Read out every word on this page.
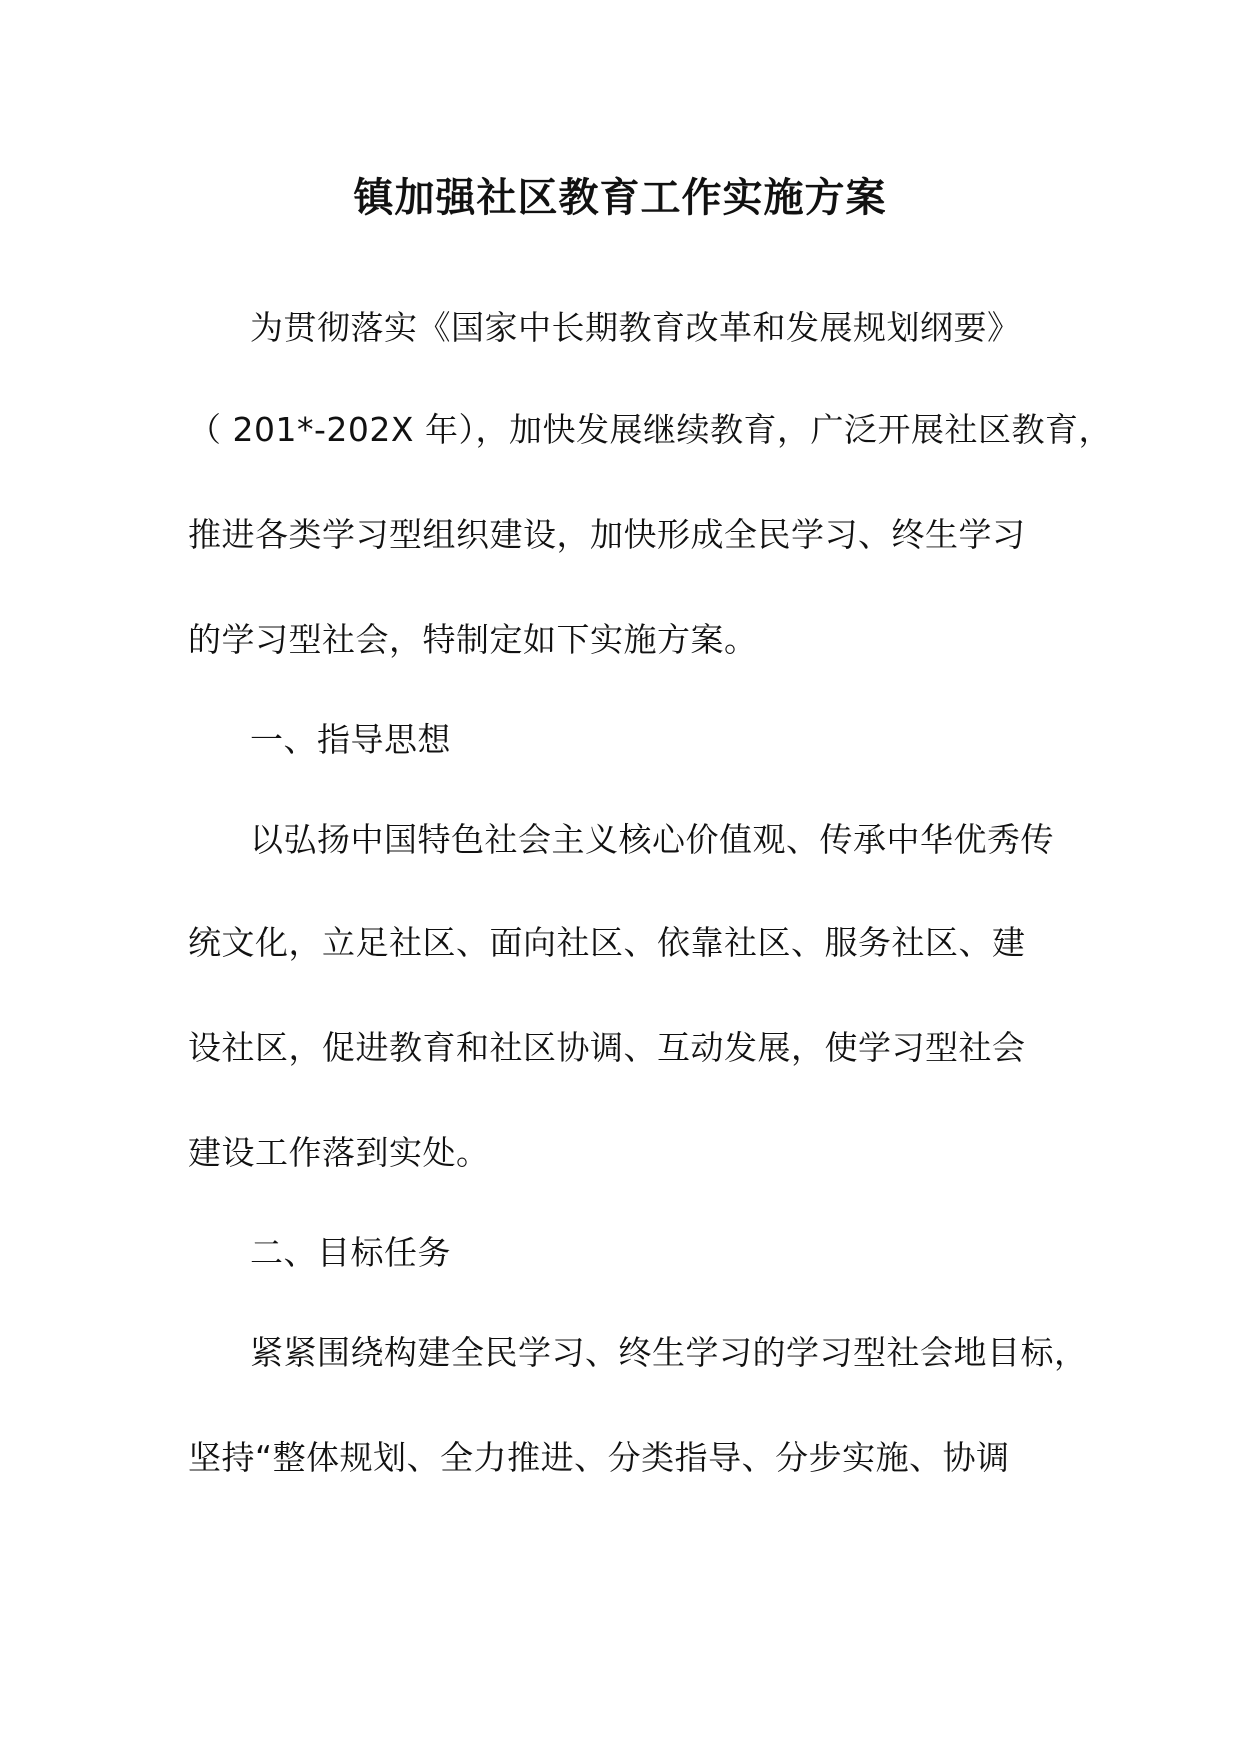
镇加强社区教育工作实施方案
为贯彻落实《国家中长期教育改革和发展规划纲要》
（ 201*-202X 年），加快发展继续教育，广泛开展社区教育，
推进各类学习型组织建设，加快形成全民学习、终生学习
的学习型社会，特制定如下实施方案。
一、指导思想
以弘扬中国特色社会主义核心价值观、传承中华优秀传
统文化，立足社区、面向社区、依靠社区、服务社区、建
设社区，促进教育和社区协调、互动发展，使学习型社会
建设工作落到实处。
二、目标任务
紧紧围绕构建全民学习、终生学习的学习型社会地目标，
坚持“整体规划、全力推进、分类指导、分步实施、协调
